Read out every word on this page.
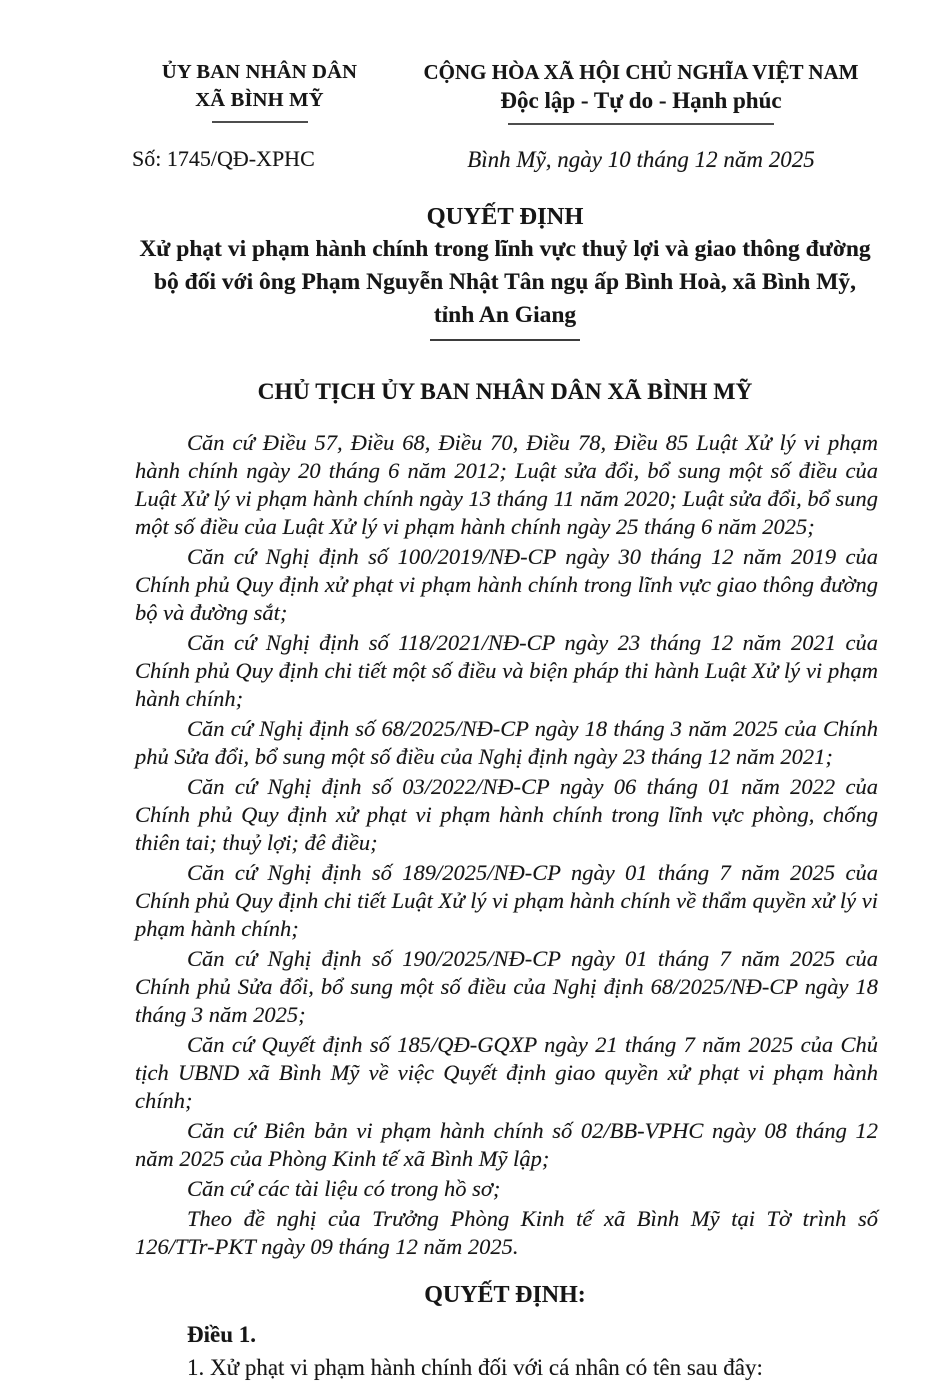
ỦY BAN NHÂN DÂN
XÃ BÌNH MỸ
Số: 1745/QĐ-XPHC
CỘNG HÒA XÃ HỘI CHỦ NGHĨA VIỆT NAM
Độc lập - Tự do - Hạnh phúc
Bình Mỹ, ngày 10 tháng 12 năm 2025
QUYẾT ĐỊNH
Xử phạt vi phạm hành chính trong lĩnh vực thuỷ lợi và giao thông đường
bộ đối với ông Phạm Nguyễn Nhật Tân ngụ ấp Bình Hoà, xã Bình Mỹ,
tỉnh An Giang
CHỦ TỊCH ỦY BAN NHÂN DÂN XÃ BÌNH MỸ

Căn cứ Điều 57, Điều 68, Điều 70, Điều 78, Điều 85 Luật Xử lý vi phạm hành chính ngày 20 tháng 6 năm 2012; Luật sửa đổi, bổ sung một số điều của Luật Xử lý vi phạm hành chính ngày 13 tháng 11 năm 2020; Luật sửa đổi, bổ sung một số điều của Luật Xử lý vi phạm hành chính ngày 25 tháng 6 năm 2025;

Căn cứ Nghị định số 100/2019/NĐ-CP ngày 30 tháng 12 năm 2019 của Chính phủ Quy định xử phạt vi phạm hành chính trong lĩnh vực giao thông đường bộ và đường sắt;

Căn cứ Nghị định số 118/2021/NĐ-CP ngày 23 tháng 12 năm 2021 của Chính phủ Quy định chi tiết một số điều và biện pháp thi hành Luật Xử lý vi phạm hành chính;

Căn cứ Nghị định số 68/2025/NĐ-CP ngày 18 tháng 3 năm 2025 của Chính phủ Sửa đổi, bổ sung một số điều của Nghị định ngày 23 tháng 12 năm 2021;

Căn cứ Nghị định số 03/2022/NĐ-CP ngày 06 tháng 01 năm 2022 của Chính phủ Quy định xử phạt vi phạm hành chính trong lĩnh vực phòng, chống thiên tai; thuỷ lợi; đê điều;

Căn cứ Nghị định số 189/2025/NĐ-CP ngày 01 tháng 7 năm 2025 của Chính phủ Quy định chi tiết Luật Xử lý vi phạm hành chính về thẩm quyền xử lý vi phạm hành chính;

Căn cứ Nghị định số 190/2025/NĐ-CP ngày 01 tháng 7 năm 2025 của Chính phủ Sửa đổi, bổ sung một số điều của Nghị định 68/2025/NĐ-CP ngày 18 tháng 3 năm 2025;

Căn cứ Quyết định số 185/QĐ-GQXP ngày 21 tháng 7 năm 2025 của Chủ tịch UBND xã Bình Mỹ về việc Quyết định giao quyền xử phạt vi phạm hành chính;

Căn cứ Biên bản vi phạm hành chính số 02/BB-VPHC ngày 08 tháng 12 năm 2025 của Phòng Kinh tế xã Bình Mỹ lập;

Căn cứ các tài liệu có trong hồ sơ;

Theo đề nghị của Trưởng Phòng Kinh tế xã Bình Mỹ tại Tờ trình số 126/TTr-PKT ngày 09 tháng 12 năm 2025.

QUYẾT ĐỊNH:
Điều 1.

1. Xử phạt vi phạm hành chính đối với cá nhân có tên sau đây:
